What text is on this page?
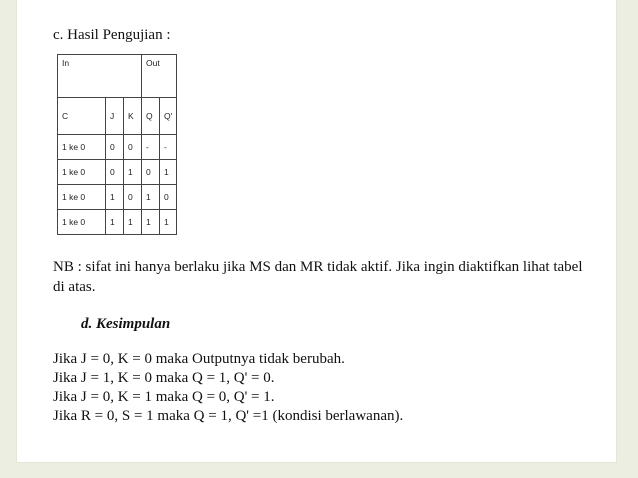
c. Hasil Pengujian :
In			Out	
C	J	K	Q	Q'
1 ke 0	0	0	-	-
1 ke 0	0	1	0	1
1 ke 0	1	0	1	0
1 ke 0	1	1	1	1
NB : sifat ini hanya berlaku jika MS dan MR tidak aktif. Jika ingin diaktifkan lihat tabel di atas.
d. Kesimpulan
Jika J = 0, K = 0 maka Outputnya tidak berubah.
Jika J = 1, K = 0 maka Q = 1, Q' = 0.
Jika J = 0, K = 1 maka Q = 0, Q' = 1.
Jika R = 0, S = 1 maka Q = 1, Q' =1 (kondisi berlawanan).
